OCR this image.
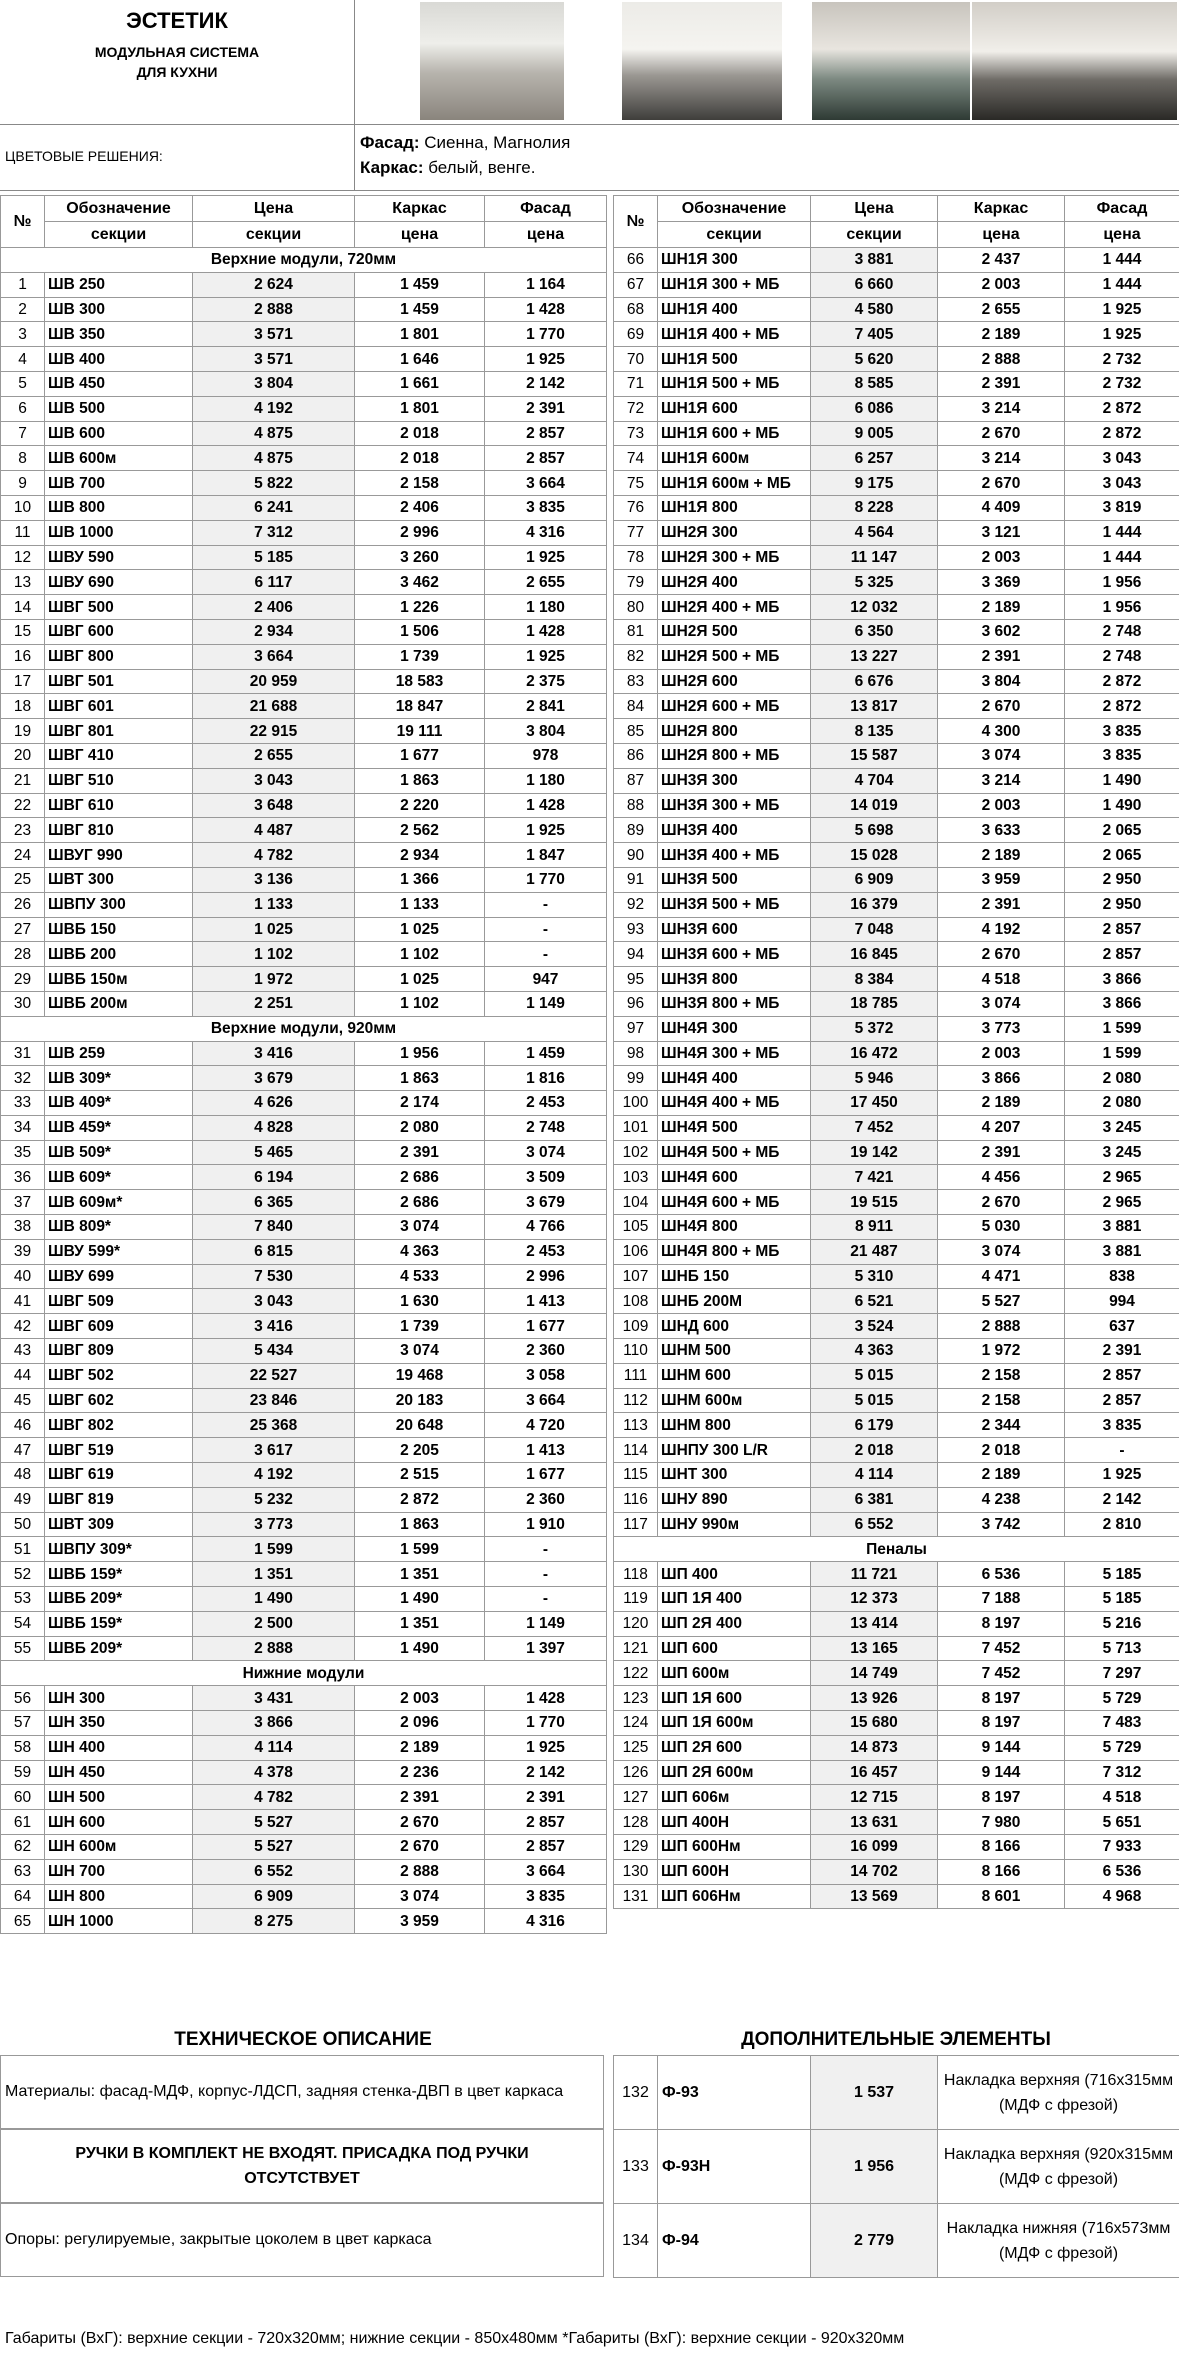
ЭСТЕТИК
МОДУЛЬНАЯ СИСТЕМА
ДЛЯ КУХНИ
ЦВЕТОВЫЕ РЕШЕНИЯ:
Фасад: Сиенна, Магнолия
Каркас: белый, венге.
№	Обозначение	Цена	Каркас	Фасад
	секции	секции	цена	цена
Верхние модули, 720мм				
1	ШВ 250	2 624	1 459	1 164
2	ШВ 300	2 888	1 459	1 428
3	ШВ 350	3 571	1 801	1 770
4	ШВ 400	3 571	1 646	1 925
5	ШВ 450	3 804	1 661	2 142
6	ШВ 500	4 192	1 801	2 391
7	ШВ 600	4 875	2 018	2 857
8	ШВ 600м	4 875	2 018	2 857
9	ШВ 700	5 822	2 158	3 664
10	ШВ 800	6 241	2 406	3 835
11	ШВ 1000	7 312	2 996	4 316
12	ШВУ 590	5 185	3 260	1 925
13	ШВУ 690	6 117	3 462	2 655
14	ШВГ 500	2 406	1 226	1 180
15	ШВГ 600	2 934	1 506	1 428
16	ШВГ 800	3 664	1 739	1 925
17	ШВГ 501	20 959	18 583	2 375
18	ШВГ 601	21 688	18 847	2 841
19	ШВГ 801	22 915	19 111	3 804
20	ШВГ 410	2 655	1 677	978
21	ШВГ 510	3 043	1 863	1 180
22	ШВГ 610	3 648	2 220	1 428
23	ШВГ 810	4 487	2 562	1 925
24	ШВУГ 990	4 782	2 934	1 847
25	ШВТ 300	3 136	1 366	1 770
26	ШВПУ 300	1 133	1 133	-
27	ШВБ 150	1 025	1 025	-
28	ШВБ 200	1 102	1 102	-
29	ШВБ 150м	1 972	1 025	947
30	ШВБ 200м	2 251	1 102	1 149
Верхние модули, 920мм				
31	ШВ 259	3 416	1 956	1 459
32	ШВ 309*	3 679	1 863	1 816
33	ШВ 409*	4 626	2 174	2 453
34	ШВ 459*	4 828	2 080	2 748
35	ШВ 509*	5 465	2 391	3 074
36	ШВ 609*	6 194	2 686	3 509
37	ШВ 609м*	6 365	2 686	3 679
38	ШВ 809*	7 840	3 074	4 766
39	ШВУ 599*	6 815	4 363	2 453
40	ШВУ 699	7 530	4 533	2 996
41	ШВГ 509	3 043	1 630	1 413
42	ШВГ 609	3 416	1 739	1 677
43	ШВГ 809	5 434	3 074	2 360
44	ШВГ 502	22 527	19 468	3 058
45	ШВГ 602	23 846	20 183	3 664
46	ШВГ 802	25 368	20 648	4 720
47	ШВГ 519	3 617	2 205	1 413
48	ШВГ 619	4 192	2 515	1 677
49	ШВГ 819	5 232	2 872	2 360
50	ШВТ 309	3 773	1 863	1 910
51	ШВПУ 309*	1 599	1 599	-
52	ШВБ 159*	1 351	1 351	-
53	ШВБ 209*	1 490	1 490	-
54	ШВБ 159*	2 500	1 351	1 149
55	ШВБ 209*	2 888	1 490	1 397
Нижние модули				
56	ШН 300	3 431	2 003	1 428
57	ШН 350	3 866	2 096	1 770
58	ШН 400	4 114	2 189	1 925
59	ШН 450	4 378	2 236	2 142
60	ШН 500	4 782	2 391	2 391
61	ШН 600	5 527	2 670	2 857
62	ШН 600м	5 527	2 670	2 857
63	ШН 700	6 552	2 888	3 664
64	ШН 800	6 909	3 074	3 835
65	ШН 1000	8 275	3 959	4 316
№	Обозначение	Цена	Каркас	Фасад
	секции	секции	цена	цена
66	ШН1Я 300	3 881	2 437	1 444
67	ШН1Я 300 + МБ	6 660	2 003	1 444
68	ШН1Я 400	4 580	2 655	1 925
69	ШН1Я 400 + МБ	7 405	2 189	1 925
70	ШН1Я 500	5 620	2 888	2 732
71	ШН1Я 500 + МБ	8 585	2 391	2 732
72	ШН1Я 600	6 086	3 214	2 872
73	ШН1Я 600 + МБ	9 005	2 670	2 872
74	ШН1Я 600м	6 257	3 214	3 043
75	ШН1Я 600м + МБ	9 175	2 670	3 043
76	ШН1Я 800	8 228	4 409	3 819
77	ШН2Я 300	4 564	3 121	1 444
78	ШН2Я 300 + МБ	11 147	2 003	1 444
79	ШН2Я 400	5 325	3 369	1 956
80	ШН2Я 400 + МБ	12 032	2 189	1 956
81	ШН2Я 500	6 350	3 602	2 748
82	ШН2Я 500 + МБ	13 227	2 391	2 748
83	ШН2Я 600	6 676	3 804	2 872
84	ШН2Я 600 + МБ	13 817	2 670	2 872
85	ШН2Я 800	8 135	4 300	3 835
86	ШН2Я 800 + МБ	15 587	3 074	3 835
87	ШН3Я 300	4 704	3 214	1 490
88	ШН3Я 300 + МБ	14 019	2 003	1 490
89	ШН3Я 400	5 698	3 633	2 065
90	ШН3Я 400 + МБ	15 028	2 189	2 065
91	ШН3Я 500	6 909	3 959	2 950
92	ШН3Я 500 + МБ	16 379	2 391	2 950
93	ШН3Я 600	7 048	4 192	2 857
94	ШН3Я 600 + МБ	16 845	2 670	2 857
95	ШН3Я 800	8 384	4 518	3 866
96	ШН3Я 800 + МБ	18 785	3 074	3 866
97	ШН4Я 300	5 372	3 773	1 599
98	ШН4Я 300 + МБ	16 472	2 003	1 599
99	ШН4Я 400	5 946	3 866	2 080
100	ШН4Я 400 + МБ	17 450	2 189	2 080
101	ШН4Я 500	7 452	4 207	3 245
102	ШН4Я 500 + МБ	19 142	2 391	3 245
103	ШН4Я 600	7 421	4 456	2 965
104	ШН4Я 600 + МБ	19 515	2 670	2 965
105	ШН4Я 800	8 911	5 030	3 881
106	ШН4Я 800 + МБ	21 487	3 074	3 881
107	ШНБ 150	5 310	4 471	838
108	ШНБ 200М	6 521	5 527	994
109	ШНД 600	3 524	2 888	637
110	ШНМ 500	4 363	1 972	2 391
111	ШНМ 600	5 015	2 158	2 857
112	ШНМ 600м	5 015	2 158	2 857
113	ШНМ 800	6 179	2 344	3 835
114	ШНПУ 300 L/R	2 018	2 018	-
115	ШНТ 300	4 114	2 189	1 925
116	ШНУ 890	6 381	4 238	2 142
117	ШНУ 990м	6 552	3 742	2 810
Пеналы				
118	ШП 400	11 721	6 536	5 185
119	ШП 1Я 400	12 373	7 188	5 185
120	ШП 2Я 400	13 414	8 197	5 216
121	ШП 600	13 165	7 452	5 713
122	ШП 600м	14 749	7 452	7 297
123	ШП 1Я 600	13 926	8 197	5 729
124	ШП 1Я 600м	15 680	8 197	7 483
125	ШП 2Я 600	14 873	9 144	5 729
126	ШП 2Я 600м	16 457	9 144	7 312
127	ШП 606м	12 715	8 197	4 518
128	ШП 400Н	13 631	7 980	5 651
129	ШП 600Нм	16 099	8 166	7 933
130	ШП 600Н	14 702	8 166	6 536
131	ШП 606Нм	13 569	8 601	4 968
ТЕХНИЧЕСКОЕ ОПИСАНИЕ
Материалы: фасад-МДФ, корпус-ЛДСП, задняя стенка-ДВП в цвет каркаса
РУЧКИ В КОМПЛЕКТ НЕ ВХОДЯТ. ПРИСАДКА ПОД РУЧКИ ОТСУТСТВУЕТ
Опоры: регулируемые, закрытые цоколем в цвет каркаса
ДОПОЛНИТЕЛЬНЫЕ ЭЛЕМЕНТЫ
132	Ф-93	1 537	Накладка верхняя (716х315мм (МДФ с фрезой)
133	Ф-93Н	1 956	Накладка верхняя (920х315мм (МДФ с фрезой)
134	Ф-94	2 779	Накладка нижняя (716х573мм (МДФ с фрезой)
Габариты (ВхГ): верхние секции - 720х320мм; нижние секции - 850х480мм *Габариты (ВхГ): верхние секции - 920х320мм
